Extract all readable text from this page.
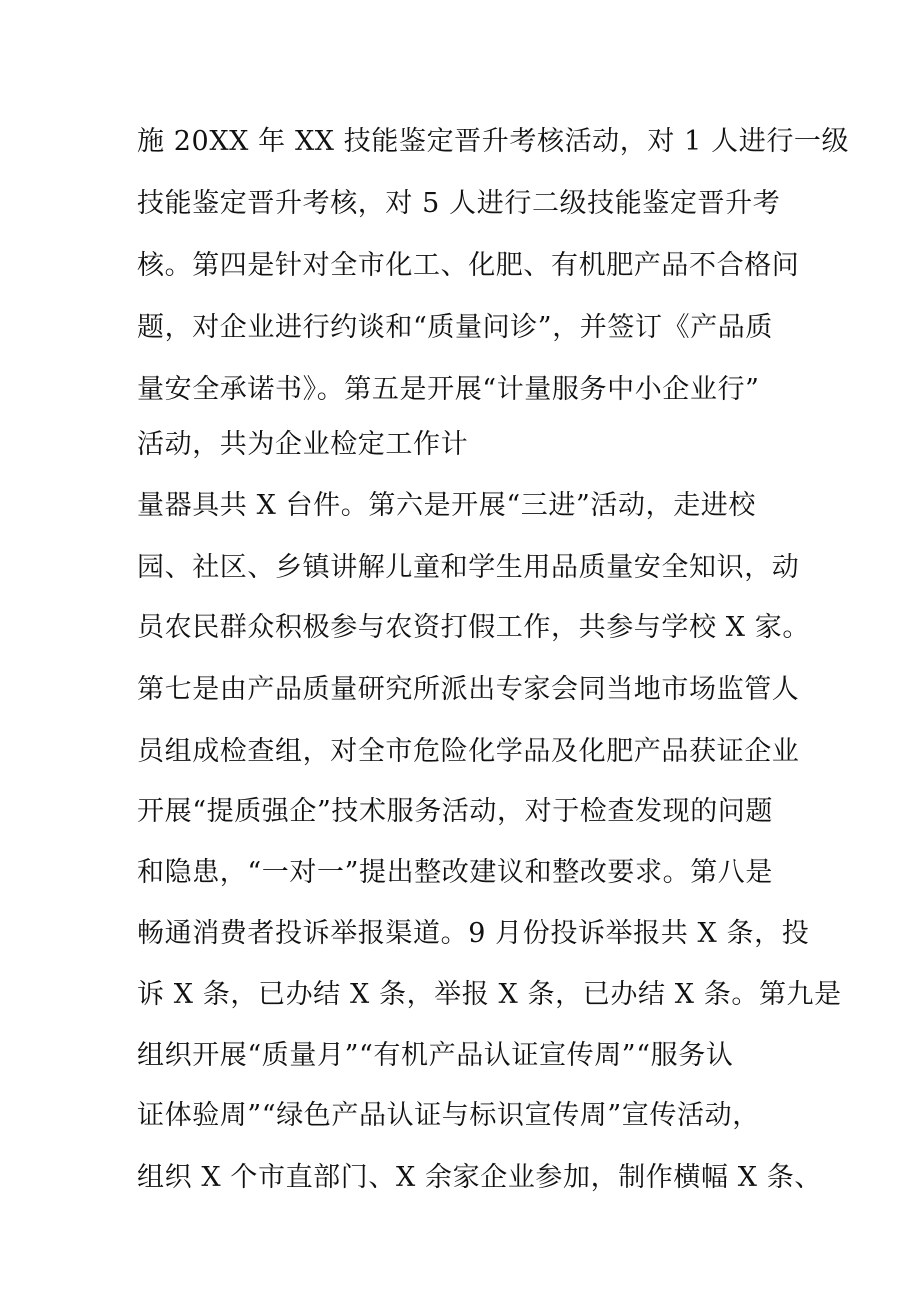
施 20XX 年 XX 技能鉴定晋升考核活动，对 1 人进行一级
技能鉴定晋升考核，对 5 人进行二级技能鉴定晋升考
核。第四是针对全市化工、化肥、有机肥产品不合格问
题，对企业进行约谈和“质量问诊”，并签订《产品质
量安全承诺书》。第五是开展“计量服务中小企业行”
活动，共为企业检定工作计
量器具共 X 台件。第六是开展“三进”活动，走进校
园、社区、乡镇讲解儿童和学生用品质量安全知识，动
员农民群众积极参与农资打假工作，共参与学校 X 家。
第七是由产品质量研究所派出专家会同当地市场监管人
员组成检查组，对全市危险化学品及化肥产品获证企业
开展“提质强企”技术服务活动，对于检查发现的问题
和隐患，“一对一”提出整改建议和整改要求。第八是
畅通消费者投诉举报渠道。9 月份投诉举报共 X 条，投
诉 X 条，已办结 X 条，举报 X 条，已办结 X 条。第九是
组织开展“质量月”“有机产品认证宣传周”“服务认
证体验周”“绿色产品认证与标识宣传周”宣传活动，
组织 X 个市直部门、X 余家企业参加，制作横幅 X 条、
